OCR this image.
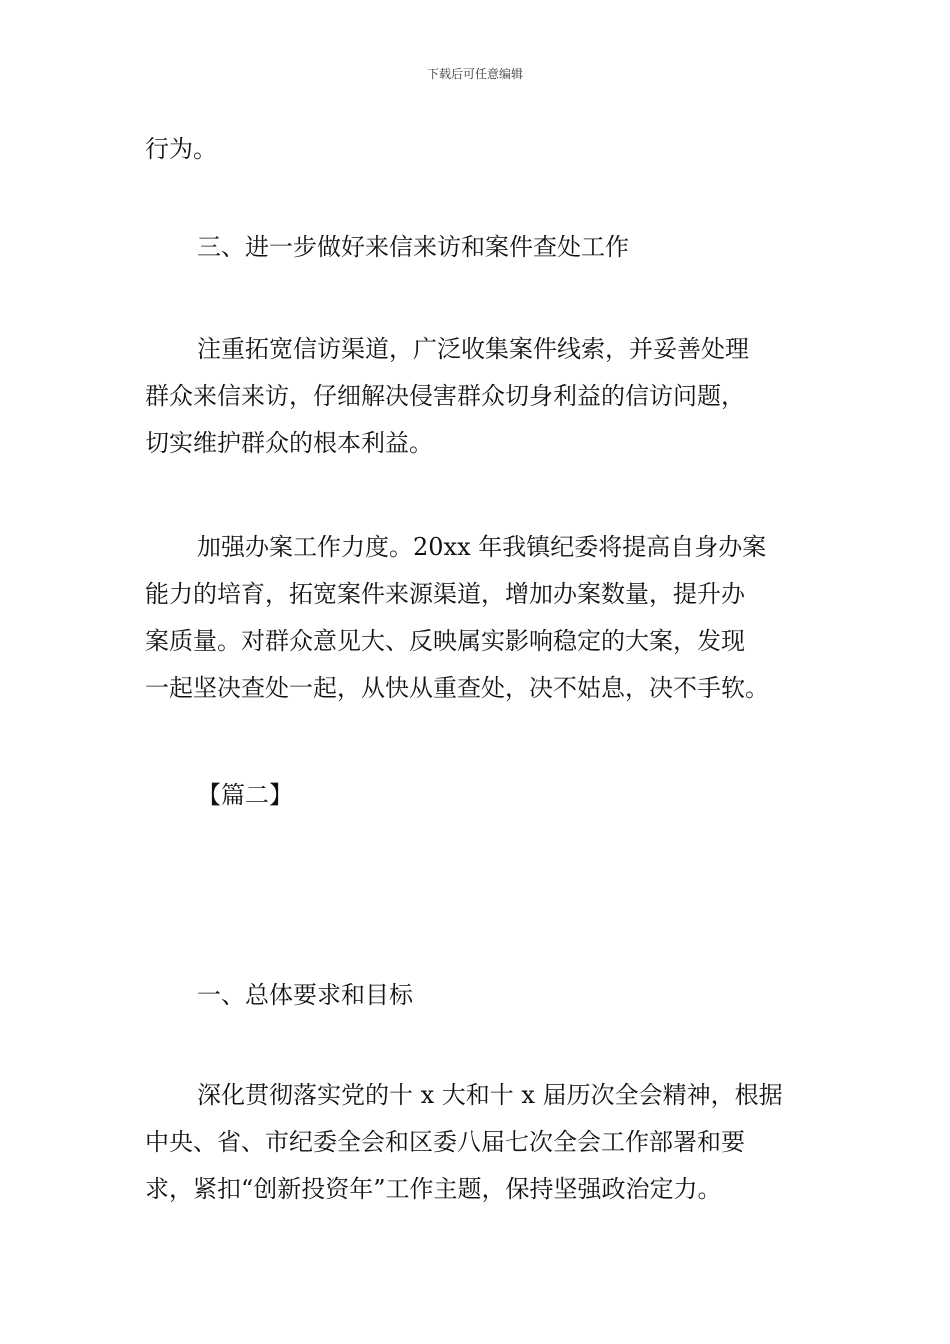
下载后可任意编辑
行为。
三、进一步做好来信来访和案件查处工作
注重拓宽信访渠道，广泛收集案件线索，并妥善处理
群众来信来访，仔细解决侵害群众切身利益的信访问题，
切实维护群众的根本利益。
加强办案工作力度。20xx 年我镇纪委将提高自身办案
能力的培育，拓宽案件来源渠道，增加办案数量，提升办
案质量。对群众意见大、反映属实影响稳定的大案，发现
一起坚决查处一起，从快从重查处，决不姑息，决不手软。
【篇二】
一、总体要求和目标
深化贯彻落实党的十 x 大和十 x 届历次全会精神，根据
中央、省、市纪委全会和区委八届七次全会工作部署和要
求，紧扣“创新投资年”工作主题，保持坚强政治定力。
